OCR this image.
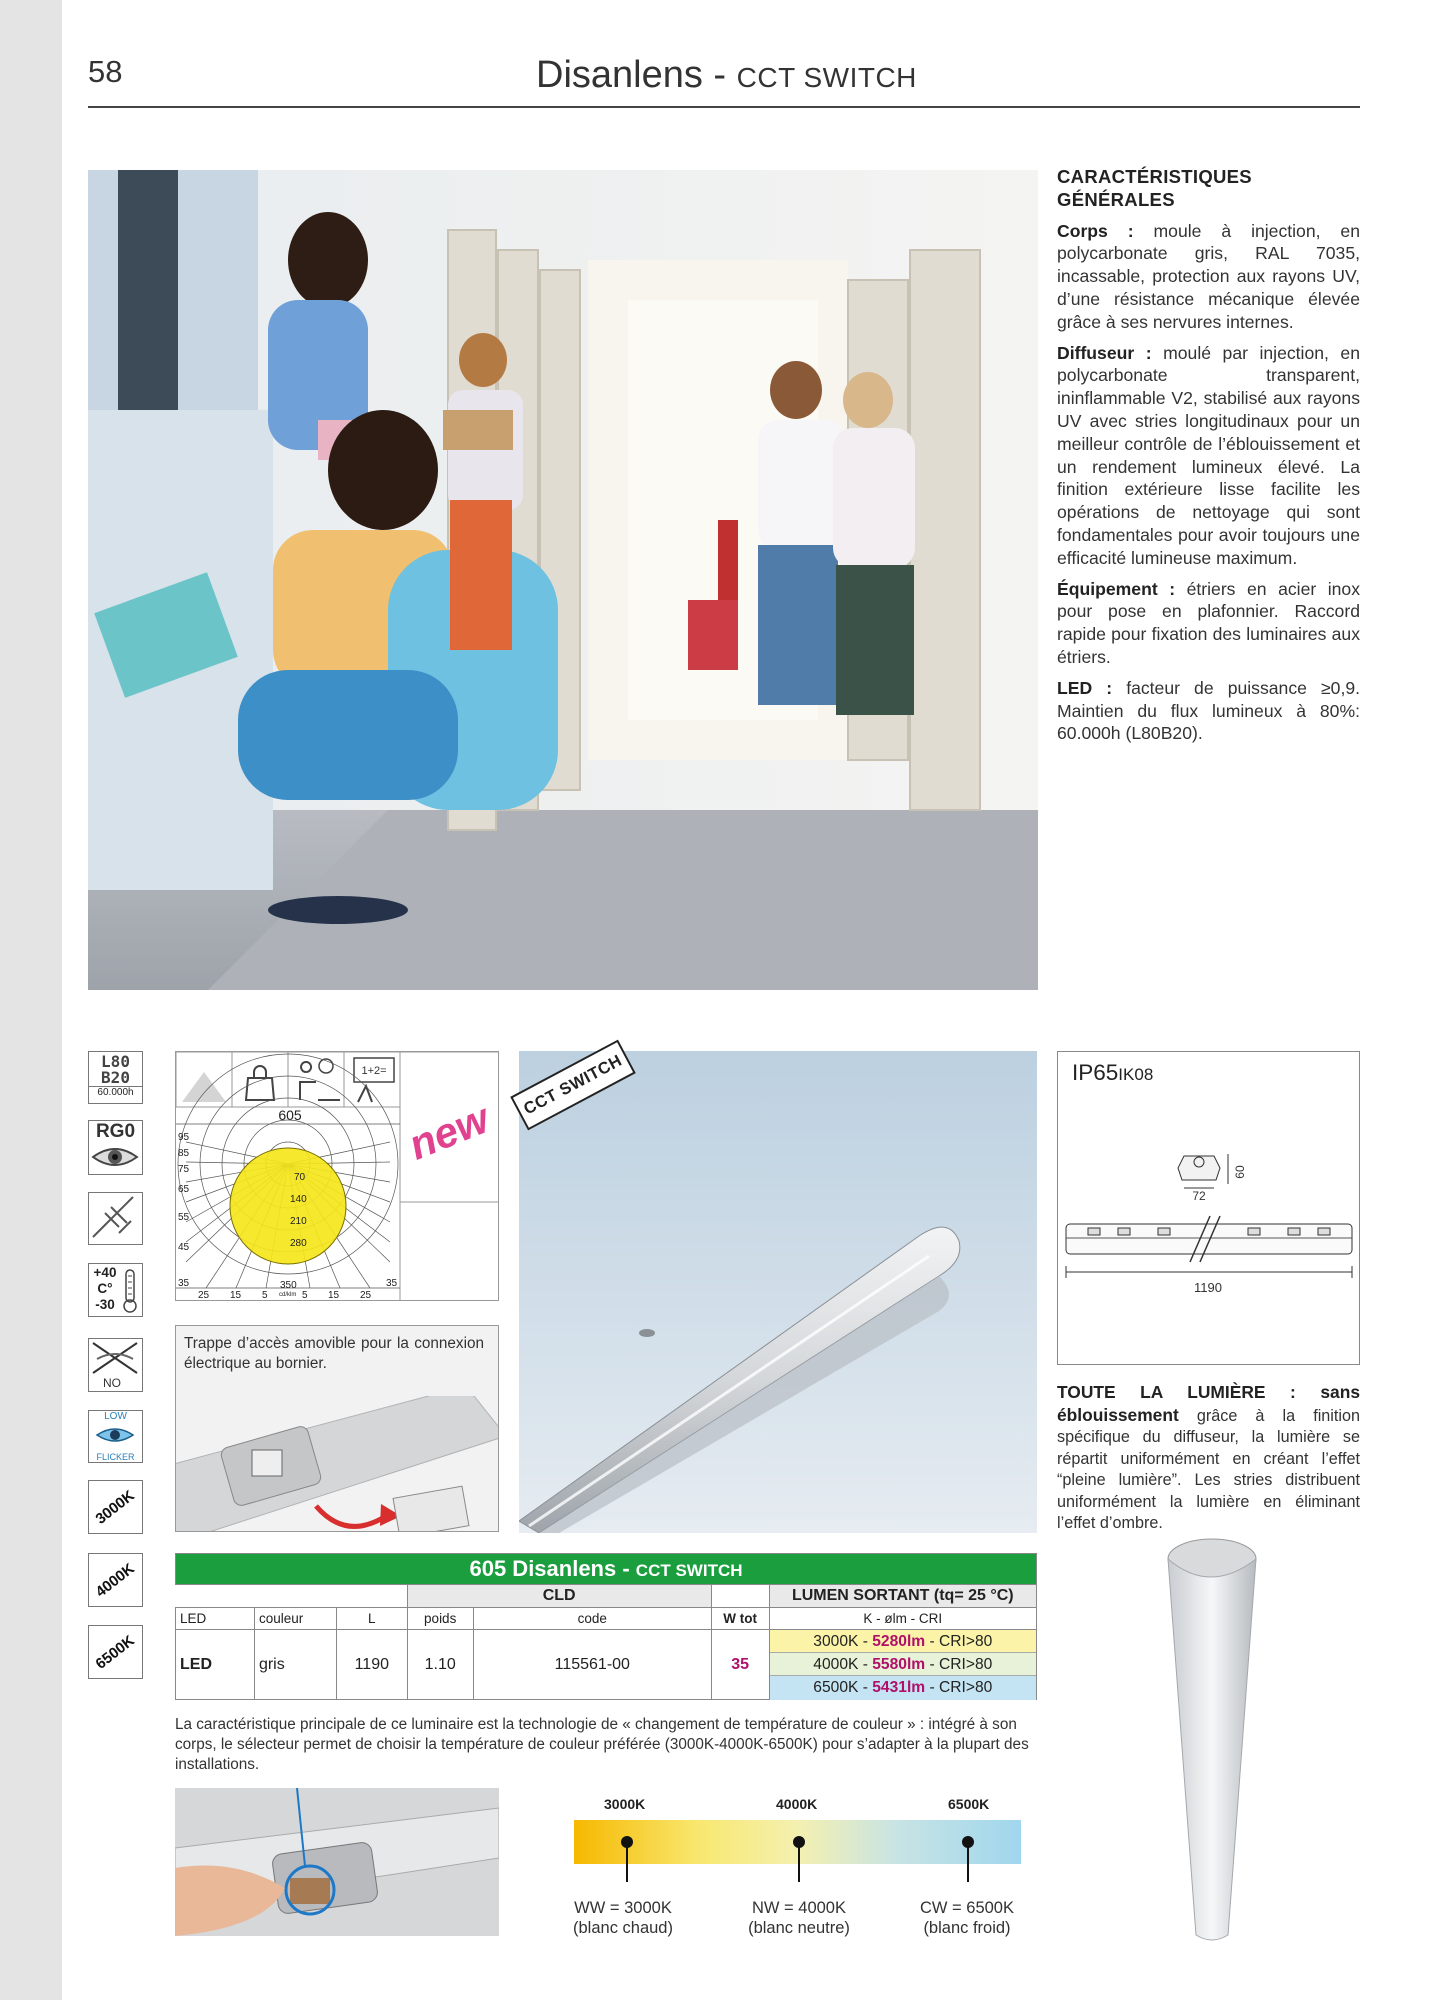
58	Disanlens - CCT SWITCH
CARACTÉRISTIQUES GÉNÉRALES

Corps : moule à injection, en polycarbonate gris, RAL 7035, incassable, protection aux rayons UV, d’une résistance mécanique élevée grâce à ses nervures internes.

Diffuseur : moulé par injection, en polycarbonate transparent, ininflammable V2, stabilisé aux rayons UV avec stries longitudinaux pour un meilleur contrôle de l’éblouissement et un rendement lumineux élevé. La finition extérieure lisse facilite les opérations de nettoyage qui sont fondamentales pour avoir toujours une efficacité lumineuse maximum.

Équipement : étriers en acier inox pour pose en plafonnier. Raccord rapide pour fixation des luminaires aux étriers.

LED : facteur de puissance ≥0,9. Maintien du flux lumineux à 80%: 60.000h (L80B20).

L80
B20
60.000h
RG0
+40
C°
-30
NO
LOW
FLICKER
3000K
4000K
6500K
1+2=
605
95
85
75
65
55
45
35
25 15 5	5 15 25
35
70
140
210
280
350
cd/klm
new
Trappe d’accès amovible pour la connexion électrique au bornier.
CCT SWITCH	IP65IK08
72
60
1190
TOUTE LA LUMIÈRE : sans éblouissement grâce à la finition spécifique du diffuseur, la lumière se répartit uniformément en créant l’effet “pleine lumière”. Les stries distribuent uniformément la lumière en éliminant l’effet d’ombre.
605 Disanlens - CCT SWITCH						
			CLD			LUMEN SORTANT (tq= 25 °C)
LED	couleur	L	poids	code	W tot	K - ølm - CRI
LED	gris	1190	1.10	115561-00	35	3000K - 5280lm - CRI>80
4000K - 5580lm - CRI>80
6500K - 5431lm - CRI>80
La caractéristique principale de ce luminaire est la technologie de « changement de température de couleur » : intégré à son corps, le sélecteur permet de choisir la température de couleur préférée (3000K-4000K-6500K) pour s’adapter à la plupart des installations.
3000K	4000K	6500K
WW = 3000K
(blanc chaud)
NW = 4000K
(blanc neutre)
CW = 6500K
(blanc froid)
